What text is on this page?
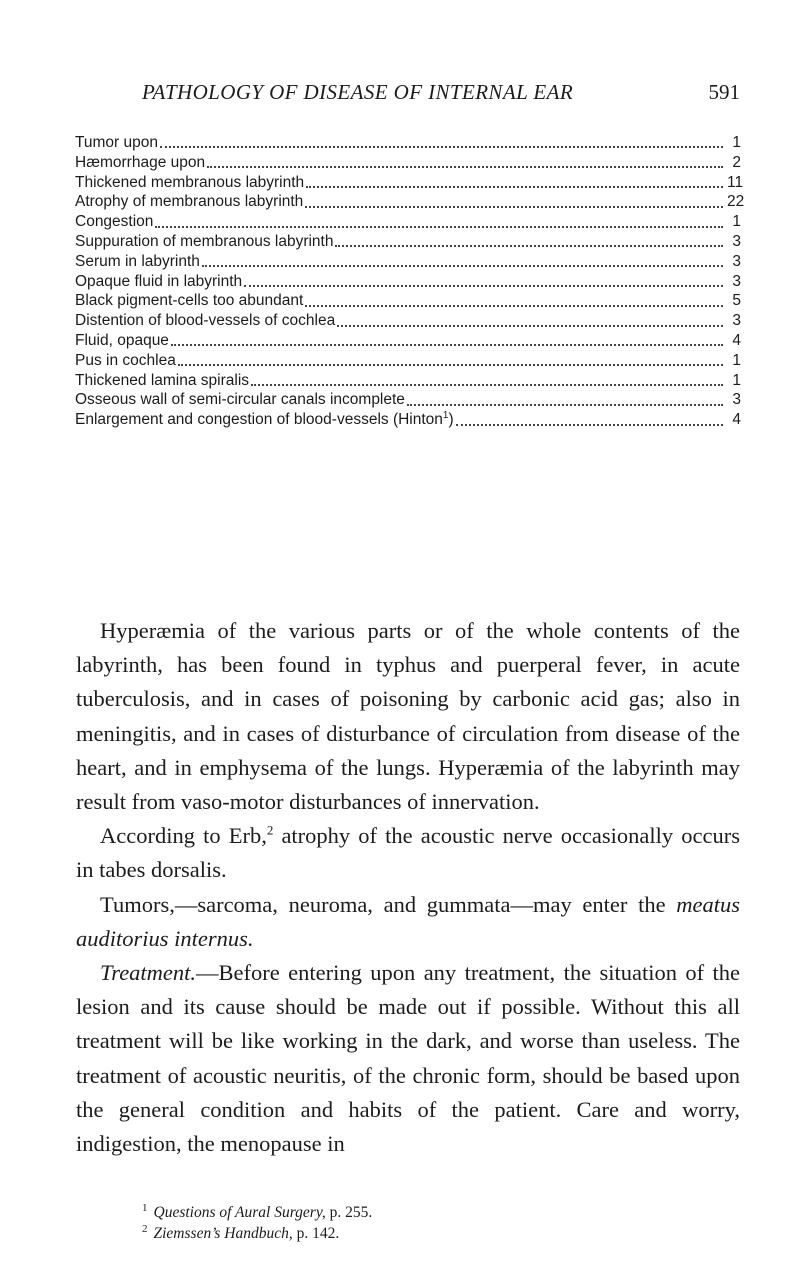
PATHOLOGY OF DISEASE OF INTERNAL EAR	591
Tumor upon	1
Hæmorrhage upon	2
Thickened membranous labyrinth	11
Atrophy of membranous labyrinth	22
Congestion	1
Suppuration of membranous labyrinth	3
Serum in labyrinth	3
Opaque fluid in labyrinth	3
Black pigment-cells too abundant	5
Distention of blood-vessels of cochlea	3
Fluid, opaque	4
Pus in cochlea	1
Thickened lamina spiralis	1
Osseous wall of semi-circular canals incomplete	3
Enlargement and congestion of blood-vessels (Hinton$^1$)	4

Hyperæmia of the various parts or of the whole contents of the labyrinth, has been found in typhus and puerperal fever, in acute tuberculosis, and in cases of poisoning by carbonic acid gas; also in meningitis, and in cases of disturbance of circulation from disease of the heart, and in emphysema of the lungs. Hyperæmia of the labyrinth may result from vaso-motor disturbances of innervation.

According to Erb,$^2$ atrophy of the acoustic nerve occasionally occurs in tabes dorsalis.

Tumors,—sarcoma, neuroma, and gummata—may enter the meatus auditorius internus.

Treatment.—Before entering upon any treatment, the situation of the lesion and its cause should be made out if possible. Without this all treatment will be like working in the dark, and worse than useless. The treatment of acoustic neuritis, of the chronic form, should be based upon the general condition and habits of the patient. Care and worry, indigestion, the menopause in

$^1$ Questions of Aural Surgery, p. 255.
$^2$ Ziemssen’s Handbuch, p. 142.
